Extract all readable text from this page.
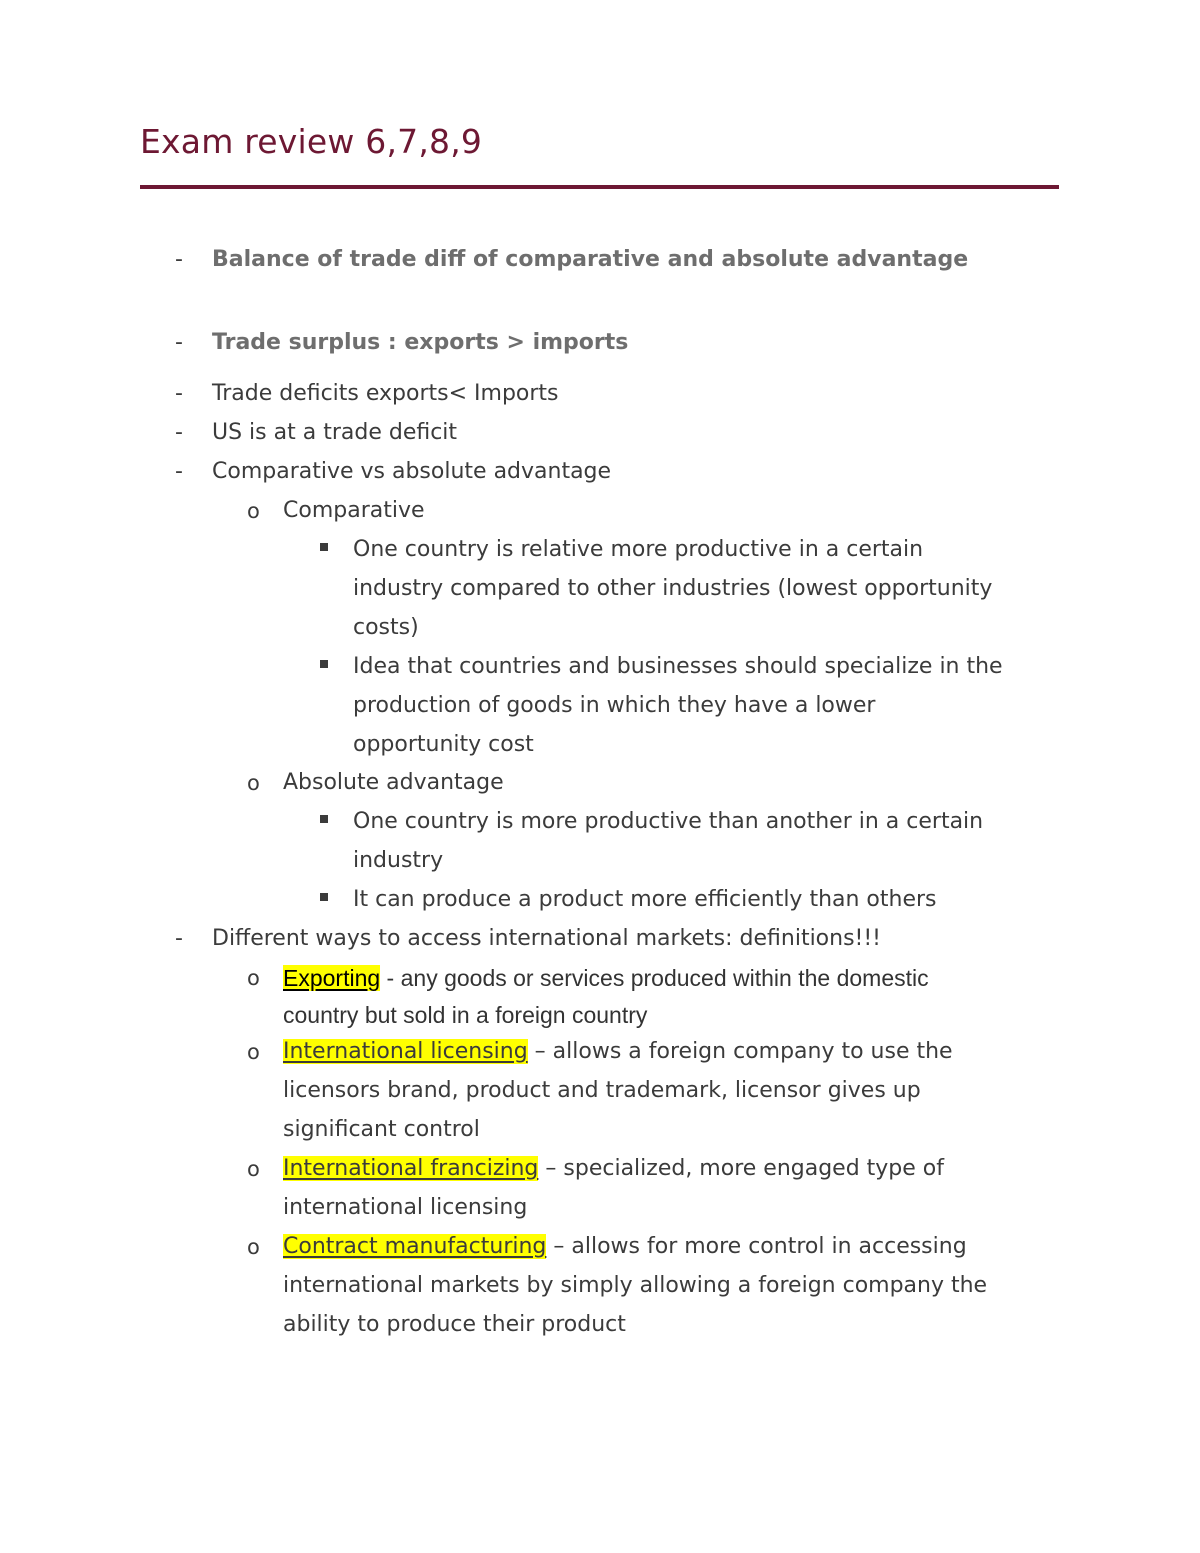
Exam review 6,7,8,9
- Balance of trade diff of comparative and absolute advantage
- Trade surplus : exports > imports
- Trade deficits exports< Imports
- US is at a trade deficit
- Comparative vs absolute advantage
o Comparative
One country is relative more productive in a certain
industry compared to other industries (lowest opportunity
costs)
Idea that countries and businesses should specialize in the
production of goods in which they have a lower
opportunity cost
o Absolute advantage
One country is more productive than another in a certain
industry
It can produce a product more efficiently than others
- Different ways to access international markets: definitions!!!
o Exporting - any goods or services produced within the domestic
country but sold in a foreign country
o International licensing – allows a foreign company to use the
licensors brand, product and trademark, licensor gives up
significant control
o International francizing – specialized, more engaged type of
international licensing
o Contract manufacturing – allows for more control in accessing
international markets by simply allowing a foreign company the
ability to produce their product
